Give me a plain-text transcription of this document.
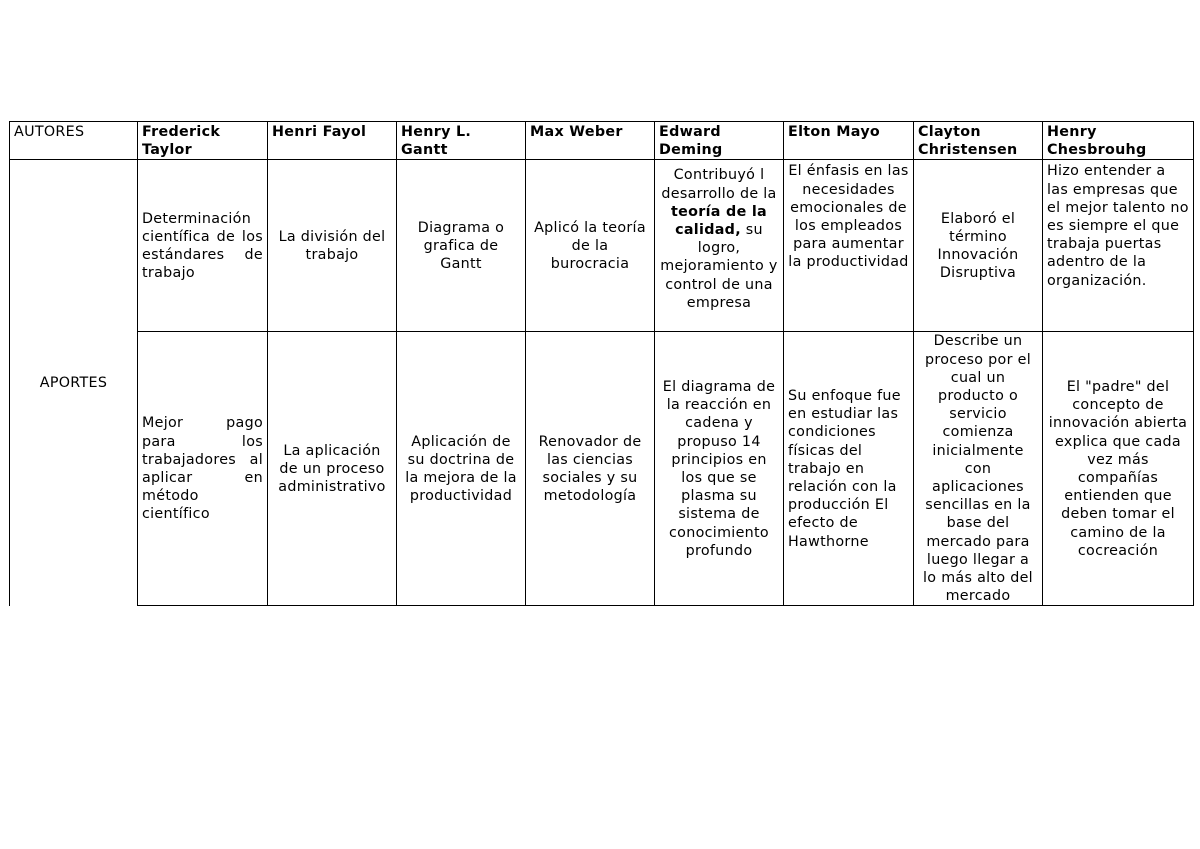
AUTORES	Frederick Taylor	Henri Fayol	Henry L. Gantt	Max Weber	Edward Deming	Elton Mayo	Clayton Christensen	Henry Chesbrouhg
APORTES	Determinación científica de los estándares de trabajo	La división del trabajo	Diagrama o grafica de Gantt	Aplicó la teoría de la burocracia	Contribuyó l desarrollo de la teoría de la calidad, su logro, mejoramiento y control de una empresa	El énfasis en las necesidades emocionales de los empleados para aumentar la productividad	Elaboró el término Innovación Disruptiva	Hizo entender a las empresas que el mejor talento no es siempre el que trabaja puertas adentro de la organización.
	Mejor pago para los trabajadores al aplicar en método científico	La aplicación de un proceso administrativo	Aplicación de su doctrina de la mejora de la productividad	Renovador de las ciencias sociales y su metodología	El diagrama de la reacción en cadena y propuso 14 principios en los que se plasma su sistema de conocimiento profundo	Su enfoque fue en estudiar las condiciones físicas del trabajo en relación con la producción El efecto de Hawthorne	Describe un proceso por el cual un producto o servicio comienza inicialmente con aplicaciones sencillas en la base del mercado para luego llegar a lo más alto del mercado	El "padre" del concepto de innovación abierta explica que cada vez más compañías entienden que deben tomar el camino de la cocreación
